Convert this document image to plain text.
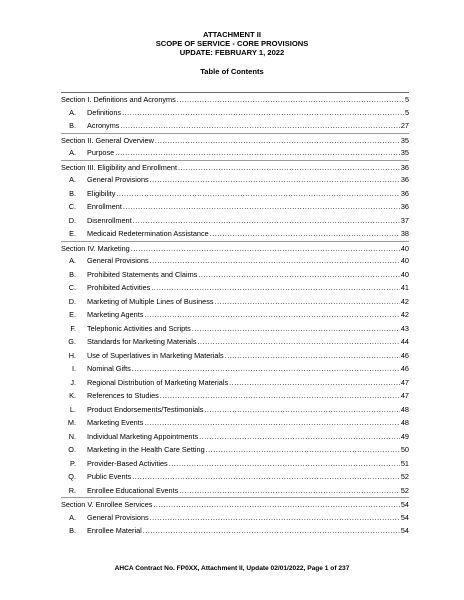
ATTACHMENT II
SCOPE OF SERVICE - CORE PROVISIONS
UPDATE: FEBRUARY 1, 2022
Table of Contents
Section I. Definitions and Acronyms .....	5
A.	Definitions .....	5
B.	Acronyms .....	27
Section II. General Overview .....	35
A.	Purpose .....	35
Section III. Eligibility and Enrollment .....	36
A.	General Provisions .....	36
B.	Eligibility .....	36
C.	Enrollment .....	36
D.	Disenrollment .....	37
E.	Medicaid Redetermination Assistance .....	38
Section IV. Marketing .....	40
A.	General Provisions .....	40
B.	Prohibited Statements and Claims .....	40
C.	Prohibited Activities .....	41
D.	Marketing of Multiple Lines of Business .....	42
E.	Marketing Agents .....	42
F.	Telephonic Activities and Scripts .....	43
G.	Standards for Marketing Materials .....	44
H.	Use of Superlatives in Marketing Materials .....	46
I.	Nominal Gifts .....	46
J.	Regional Distribution of Marketing Materials .....	47
K.	References to Studies .....	47
L.	Product Endorsements/Testimonials .....	48
M.	Marketing Events .....	48
N.	Individual Marketing Appointments .....	49
O.	Marketing in the Health Care Setting .....	50
P.	Provider-Based Activities .....	51
Q.	Public Events .....	52
R.	Enrollee Educational Events .....	52
Section V. Enrollee Services .....	54
A.	General Provisions .....	54
B.	Enrollee Material .....	54
AHCA Contract No. FP0XX, Attachment II, Update 02/01/2022, Page 1 of 237
